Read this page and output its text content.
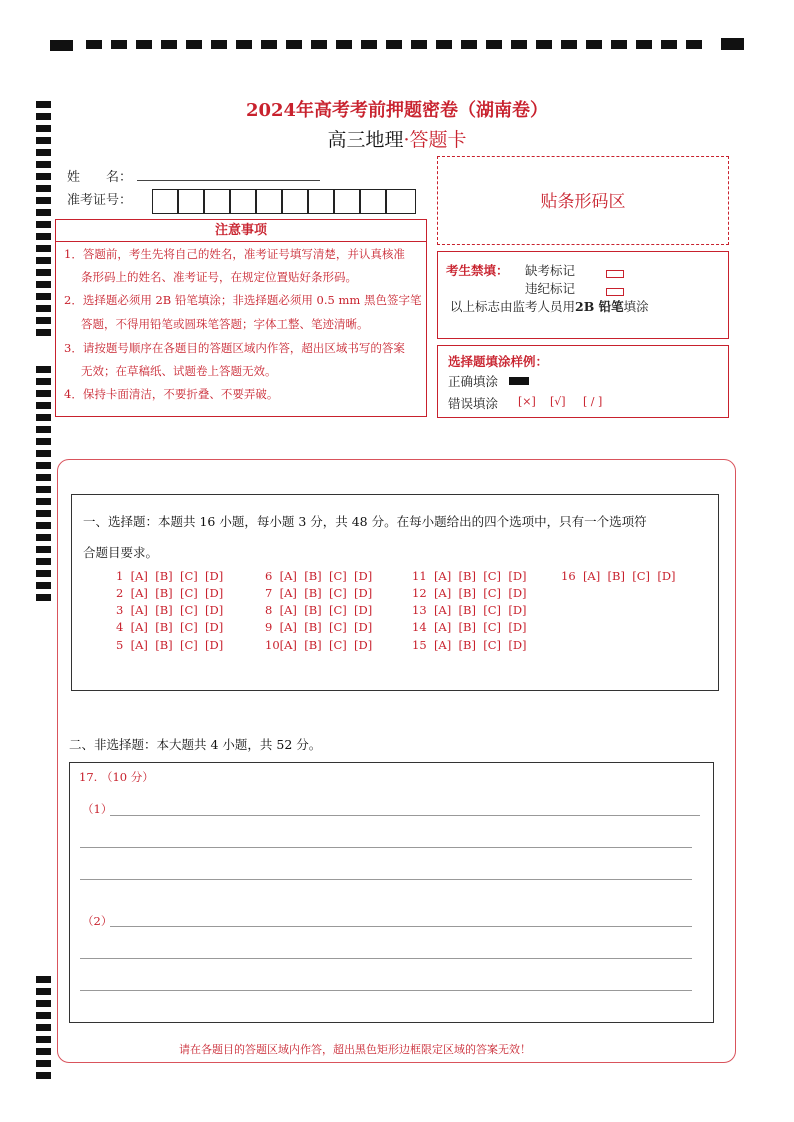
2024年高考考前押题密卷（湖南卷）
高三地理·答题卡
姓　　名：
准考证号：	贴条形码区
注意事项
1．答题前，考生先将自己的姓名，准考证号填写清楚，并认真核准
条形码上的姓名、准考证号，在规定位置贴好条形码。
2．选择题必须用 2B 铅笔填涂；非选择题必须用 0.5 mm 黑色签字笔
答题，不得用铅笔或圆珠笔答题；字体工整、笔迹清晰。
3．请按题号顺序在各题目的答题区域内作答，超出区域书写的答案
无效；在草稿纸、试题卷上答题无效。
4．保持卡面清洁，不要折叠、不要弄破。
考生禁填： 缺考标记
违纪标记
以上标志由监考人员用2B 铅笔填涂
选择题填涂样例：
正确填涂
错误填涂 [×] [√] [ / ]
一、选择题：本题共 16 小题，每小题 3 分，共 48 分。在每小题给出的四个选项中，只有一个选项符
合题目要求。
1  [A]  [B]  [C]  [D]
2  [A]  [B]  [C]  [D]
3  [A]  [B]  [C]  [D]
4  [A]  [B]  [C]  [D]
5  [A]  [B]  [C]  [D]
6  [A]  [B]  [C]  [D]
7  [A]  [B]  [C]  [D]
8  [A]  [B]  [C]  [D]
9  [A]  [B]  [C]  [D]
10[A]  [B]  [C]  [D]
11  [A]  [B]  [C]  [D]
12  [A]  [B]  [C]  [D]
13  [A]  [B]  [C]  [D]
14  [A]  [B]  [C]  [D]
15  [A]  [B]  [C]  [D]
16  [A]  [B]  [C]  [D]
二、非选择题：本大题共 4 小题，共 52 分。
17. （10 分）
（1）
（2）
请在各题目的答题区域内作答，超出黑色矩形边框限定区域的答案无效！
